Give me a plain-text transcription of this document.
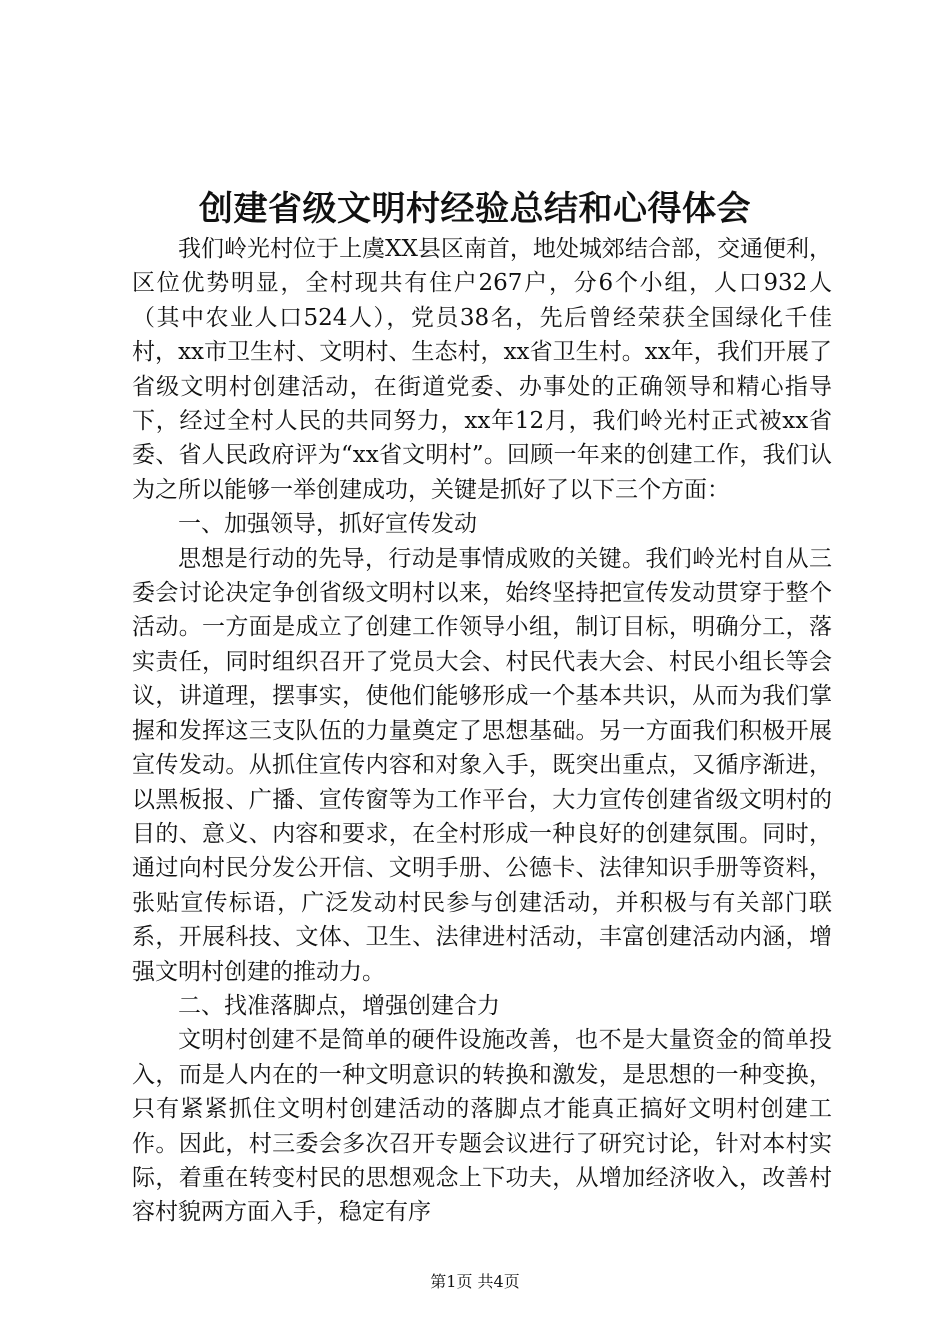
创建省级文明村经验总结和心得体会

我们岭光村位于上虞XX县区南首，地处城郊结合部，交通便利，区位优势明显，全村现共有住户267户，分6个小组，人口932人（其中农业人口524人），党员38名，先后曾经荣获全国绿化千佳村，xx市卫生村、文明村、生态村，xx省卫生村。xx年，我们开展了省级文明村创建活动，在街道党委、办事处的正确领导和精心指导下，经过全村人民的共同努力，xx年12月，我们岭光村正式被xx省委、省人民政府评为“xx省文明村”。回顾一年来的创建工作，我们认为之所以能够一举创建成功，关键是抓好了以下三个方面：

一、加强领导，抓好宣传发动

思想是行动的先导，行动是事情成败的关键。我们岭光村自从三委会讨论决定争创省级文明村以来，始终坚持把宣传发动贯穿于整个活动。一方面是成立了创建工作领导小组，制订目标，明确分工，落实责任，同时组织召开了党员大会、村民代表大会、村民小组长等会议，讲道理，摆事实，使他们能够形成一个基本共识，从而为我们掌握和发挥这三支队伍的力量奠定了思想基础。另一方面我们积极开展宣传发动。从抓住宣传内容和对象入手，既突出重点，又循序渐进，以黑板报、广播、宣传窗等为工作平台，大力宣传创建省级文明村的目的、意义、内容和要求，在全村形成一种良好的创建氛围。同时，通过向村民分发公开信、文明手册、公德卡、法律知识手册等资料，张贴宣传标语，广泛发动村民参与创建活动，并积极与有关部门联系，开展科技、文体、卫生、法律进村活动，丰富创建活动内涵，增强文明村创建的推动力。

二、找准落脚点，增强创建合力

文明村创建不是简单的硬件设施改善，也不是大量资金的简单投入，而是人内在的一种文明意识的转换和激发，是思想的一种变换，只有紧紧抓住文明村创建活动的落脚点才能真正搞好文明村创建工作。因此，村三委会多次召开专题会议进行了研究讨论，针对本村实际，着重在转变村民的思想观念上下功夫，从增加经济收入，改善村容村貌两方面入手，稳定有序

第1页 共4页
